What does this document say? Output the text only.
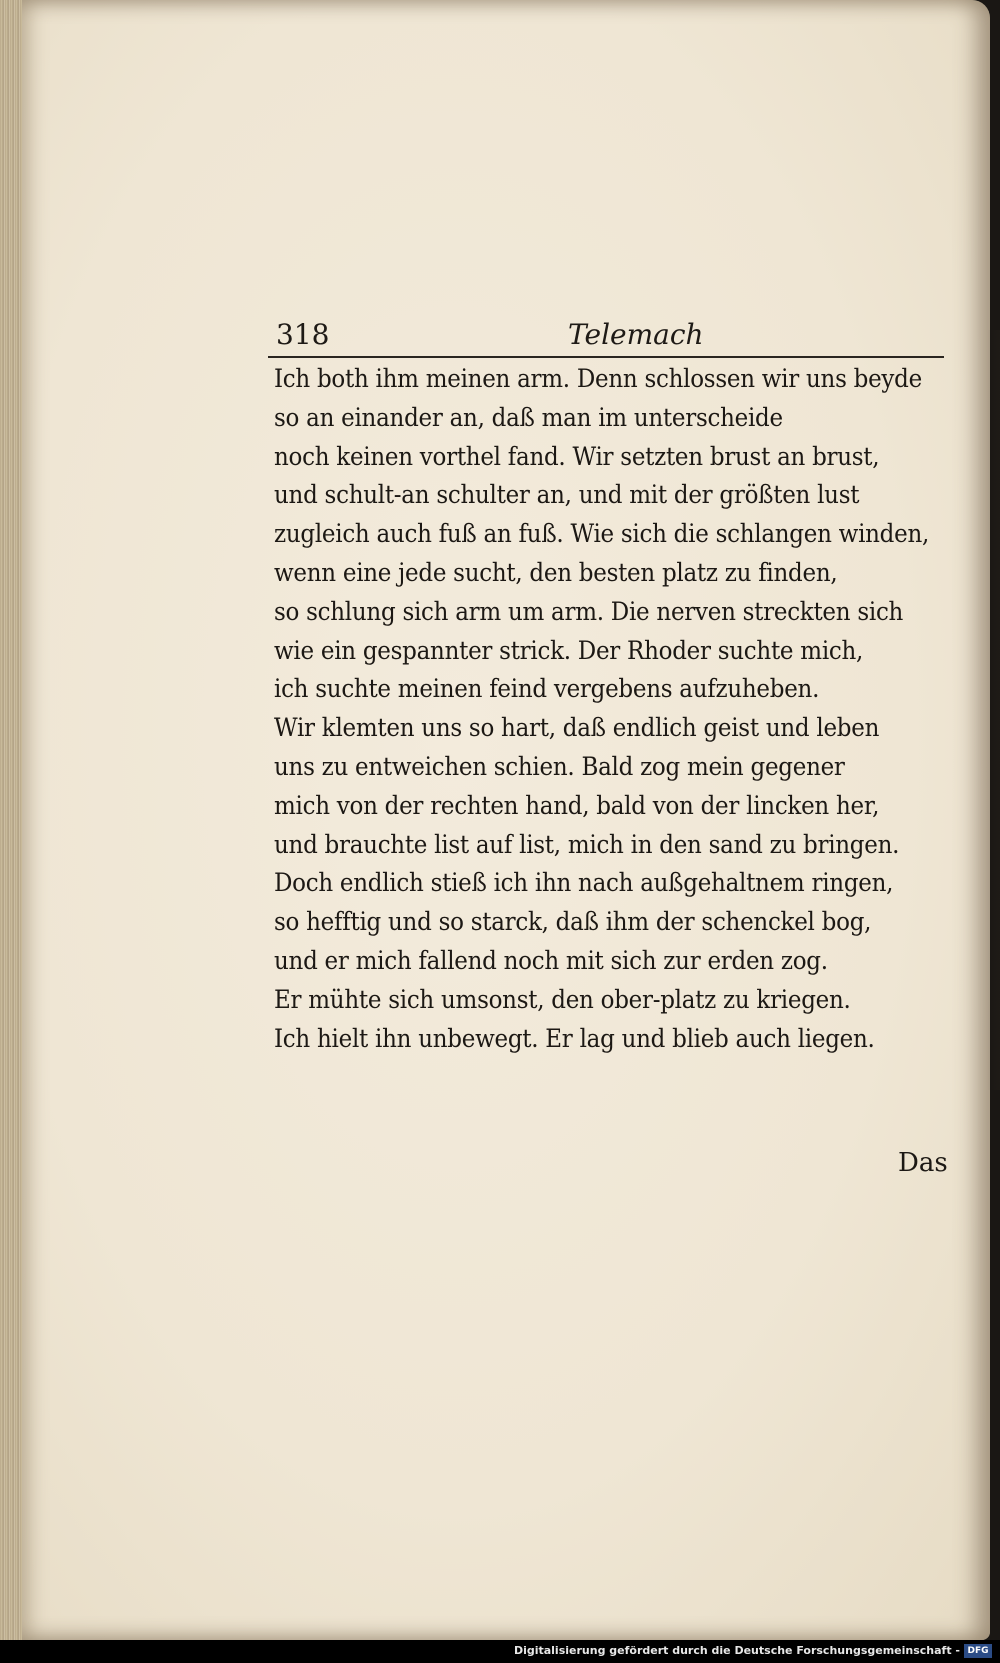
318	Telemach
Ich both ihm meinen arm. Denn schlossen wir uns beyde
so an einander an, daß man im unterscheide
noch keinen vorthel fand. Wir setzten brust an brust,
und schult-an schulter an, und mit der größten lust
zugleich auch fuß an fuß. Wie sich die schlangen winden,
wenn eine jede sucht, den besten platz zu finden,
so schlung sich arm um arm. Die nerven streckten sich
wie ein gespannter strick. Der Rhoder suchte mich,
ich suchte meinen feind vergebens aufzuheben.
Wir klemten uns so hart, daß endlich geist und leben
uns zu entweichen schien. Bald zog mein gegener
mich von der rechten hand, bald von der lincken her,
und brauchte list auf list, mich in den sand zu bringen.
Doch endlich stieß ich ihn nach außgehaltnem ringen,
so hefftig und so starck, daß ihm der schenckel bog,
und er mich fallend noch mit sich zur erden zog.
Er mühte sich umsonst, den ober-platz zu kriegen.
Ich hielt ihn unbewegt. Er lag und blieb auch liegen.
Das
Digitalisierung gefördert durch die Deutsche Forschungsgemeinschaft - DFG
